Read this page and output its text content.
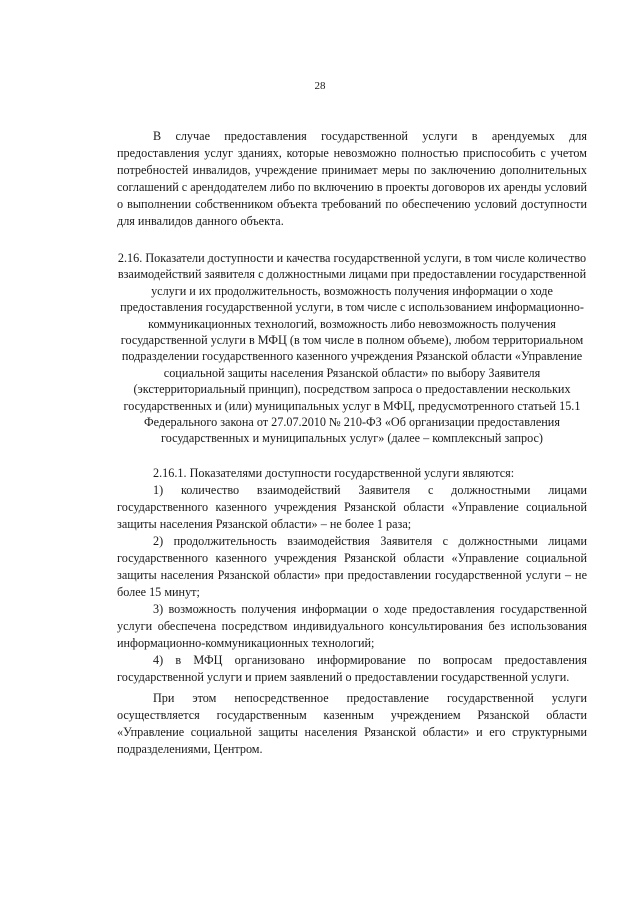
28

В случае предоставления государственной услуги в арендуемых для предоставления услуг зданиях, которые невозможно полностью приспособить с учетом потребностей инвалидов, учреждение принимает меры по заключению дополнительных соглашений с арендодателем либо по включению в проекты договоров их аренды условий о выполнении собственником объекта требований по обеспечению условий доступности для инвалидов данного объекта.

2.16. Показатели доступности и качества государственной услуги, в том числе количество взаимодействий заявителя с должностными лицами при предоставлении государственной услуги и их продолжительность, возможность получения информации о ходе предоставления государственной услуги, в том числе с использованием информационно-коммуникационных технологий, возможность либо невозможность получения государственной услуги в МФЦ (в том числе в полном объеме), любом территориальном подразделении государственного казенного учреждения Рязанской области «Управление социальной защиты населения Рязанской области» по выбору Заявителя (экстерриториальный принцип), посредством запроса о предоставлении нескольких государственных и (или) муниципальных услуг в МФЦ, предусмотренного статьей 15.1 Федерального закона от 27.07.2010 № 210-ФЗ «Об организации предоставления государственных и муниципальных услуг» (далее – комплексный запрос)

2.16.1. Показателями доступности государственной услуги являются:

1) количество взаимодействий Заявителя с должностными лицами государственного казенного учреждения Рязанской области «Управление социальной защиты населения Рязанской области» – не более 1 раза;

2) продолжительность взаимодействия Заявителя с должностными лицами государственного казенного учреждения Рязанской области «Управление социальной защиты населения Рязанской области» при предоставлении государственной услуги – не более 15 минут;

3) возможность получения информации о ходе предоставления государственной услуги обеспечена посредством индивидуального консультирования без использования информационно-коммуникационных технологий;

4) в МФЦ организовано информирование по вопросам предоставления государственной услуги и прием заявлений о предоставлении государственной услуги.

При этом непосредственное предоставление государственной услуги осуществляется государственным казенным учреждением Рязанской области «Управление социальной защиты населения Рязанской области» и его структурными подразделениями, Центром.
